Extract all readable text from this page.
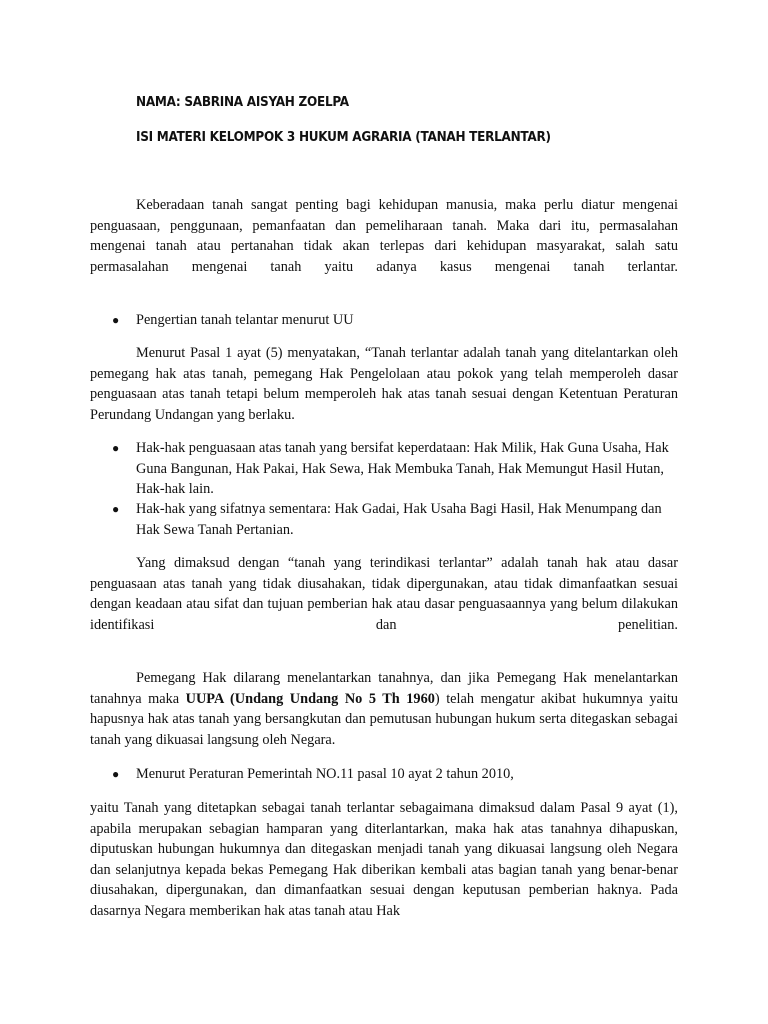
NAMA: SABRINA AISYAH ZOELPA

ISI MATERI KELOMPOK 3 HUKUM AGRARIA (TANAH TERLANTAR)

Keberadaan tanah sangat penting bagi kehidupan manusia, maka perlu diatur mengenai penguasaan, penggunaan, pemanfaatan dan pemeliharaan tanah. Maka dari itu, permasalahan mengenai tanah atau pertanahan tidak akan terlepas dari kehidupan masyarakat, salah satu permasalahan mengenai tanah yaitu adanya kasus mengenai tanah terlantar.

● Pengertian tanah telantar menurut UU

Menurut Pasal 1 ayat (5) menyatakan, “Tanah terlantar adalah tanah yang ditelantarkan oleh pemegang hak atas tanah, pemegang Hak Pengelolaan atau pokok yang telah memperoleh dasar penguasaan atas tanah tetapi belum memperoleh hak atas tanah sesuai dengan Ketentuan Peraturan Perundang Undangan yang berlaku.

● Hak-hak penguasaan atas tanah yang bersifat keperdataan: Hak Milik, Hak Guna Usaha, Hak Guna Bangunan, Hak Pakai, Hak Sewa, Hak Membuka Tanah, Hak Memungut Hasil Hutan, Hak-hak lain.

● Hak-hak yang sifatnya sementara: Hak Gadai, Hak Usaha Bagi Hasil, Hak Menumpang dan Hak Sewa Tanah Pertanian.

Yang dimaksud dengan “tanah yang terindikasi terlantar” adalah tanah hak atau dasar penguasaan atas tanah yang tidak diusahakan, tidak dipergunakan, atau tidak dimanfaatkan sesuai dengan keadaan atau sifat dan tujuan pemberian hak atau dasar penguasaannya yang belum dilakukan identifikasi dan penelitian.

Pemegang Hak dilarang menelantarkan tanahnya, dan jika Pemegang Hak menelantarkan tanahnya maka UUPA (Undang Undang No 5 Th 1960) telah mengatur akibat hukumnya yaitu hapusnya hak atas tanah yang bersangkutan dan pemutusan hubungan hukum serta ditegaskan sebagai tanah yang dikuasai langsung oleh Negara.

● Menurut Peraturan Pemerintah NO.11 pasal 10 ayat 2 tahun 2010,

yaitu Tanah yang ditetapkan sebagai tanah terlantar sebagaimana dimaksud dalam Pasal 9 ayat (1), apabila merupakan sebagian hamparan yang diterlantarkan, maka hak atas tanahnya dihapuskan, diputuskan hubungan hukumnya dan ditegaskan menjadi tanah yang dikuasai langsung oleh Negara dan selanjutnya kepada bekas Pemegang Hak diberikan kembali atas bagian tanah yang benar-benar diusahakan, dipergunakan, dan dimanfaatkan sesuai dengan keputusan pemberian haknya. Pada dasarnya Negara memberikan hak atas tanah atau Hak
